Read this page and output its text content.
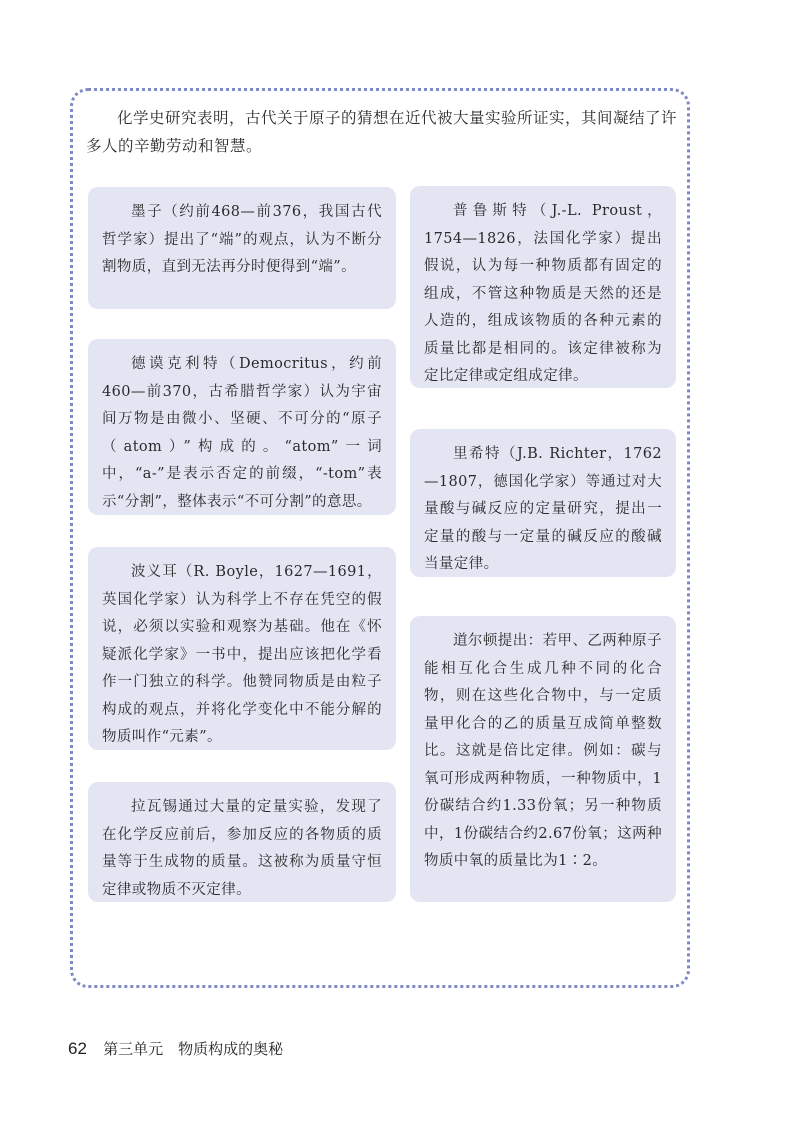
化学史研究表明，古代关于原子的猜想在近代被大量实验所证实，其间凝结了许多人的辛勤劳动和智慧。

墨子（约前468—前376，我国古代哲学家）提出了“端”的观点，认为不断分割物质，直到无法再分时便得到“端”。

德谟克利特（Democritus，约前460—前370，古希腊哲学家）认为宇宙间万物是由微小、坚硬、不可分的“原子（atom）”构成的。“atom”一词中，“a-”是表示否定的前缀，“-tom”表示“分割”，整体表示“不可分割”的意思。

波义耳（R. Boyle，1627—1691，英国化学家）认为科学上不存在凭空的假说，必须以实验和观察为基础。他在《怀疑派化学家》一书中，提出应该把化学看作一门独立的科学。他赞同物质是由粒子构成的观点，并将化学变化中不能分解的物质叫作“元素”。

拉瓦锡通过大量的定量实验，发现了在化学反应前后，参加反应的各物质的质量等于生成物的质量。这被称为质量守恒定律或物质不灭定律。

普鲁斯特（J.-L. Proust，1754—1826，法国化学家）提出假说，认为每一种物质都有固定的组成，不管这种物质是天然的还是人造的，组成该物质的各种元素的质量比都是相同的。该定律被称为定比定律或定组成定律。

里希特（J.B. Richter，1762—1807，德国化学家）等通过对大量酸与碱反应的定量研究，提出一定量的酸与一定量的碱反应的酸碱当量定律。

道尔顿提出：若甲、乙两种原子能相互化合生成几种不同的化合物，则在这些化合物中，与一定质量甲化合的乙的质量互成简单整数比。这就是倍比定律。例如：碳与氧可形成两种物质，一种物质中，1份碳结合约1.33份氧；另一种物质中，1份碳结合约2.67份氧；这两种物质中氧的质量比为1∶2。

62 第三单元　物质构成的奥秘
